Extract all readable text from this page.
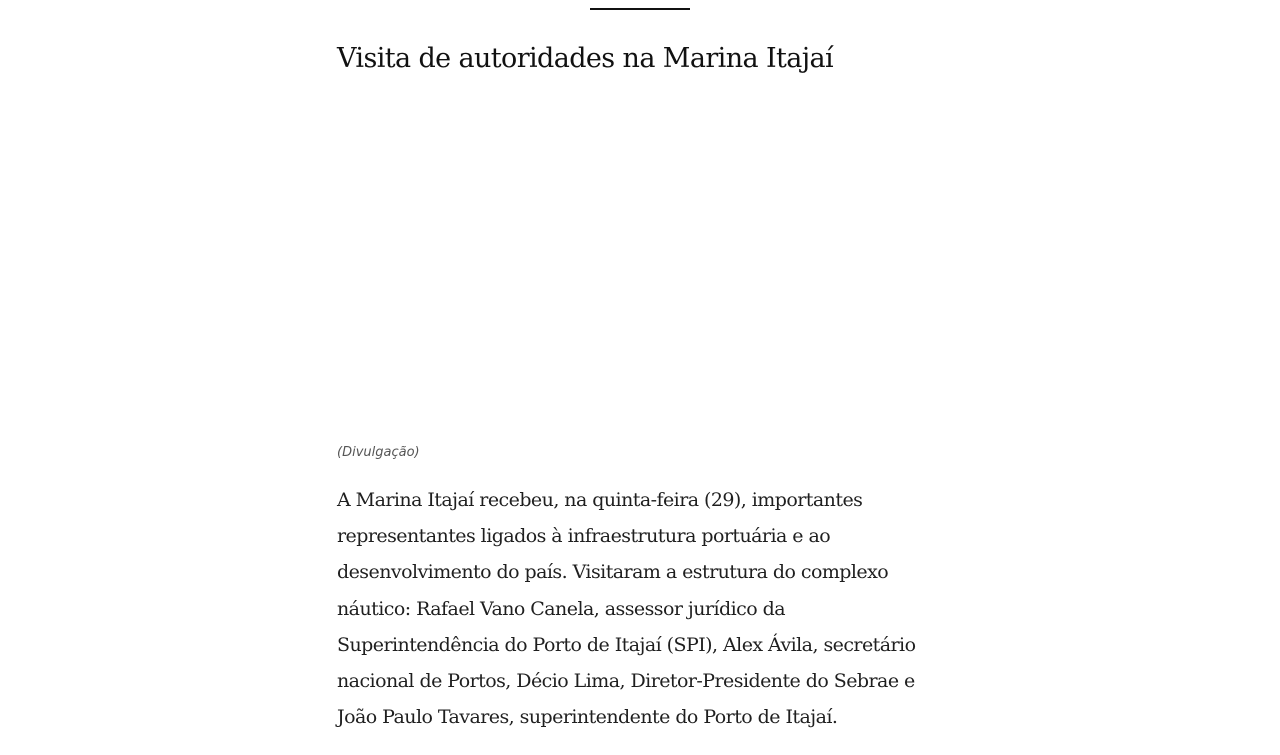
Visita de autoridades na Marina Itajaí
(Divulgação)

A Marina Itajaí recebeu, na quinta-feira (29), importantes
representantes ligados à infraestrutura portuária e ao
desenvolvimento do país. Visitaram a estrutura do complexo
náutico: Rafael Vano Canela, assessor jurídico da
Superintendência do Porto de Itajaí (SPI), Alex Ávila, secretário
nacional de Portos, Décio Lima, Diretor-Presidente do Sebrae e
João Paulo Tavares, superintendente do Porto de Itajaí.
